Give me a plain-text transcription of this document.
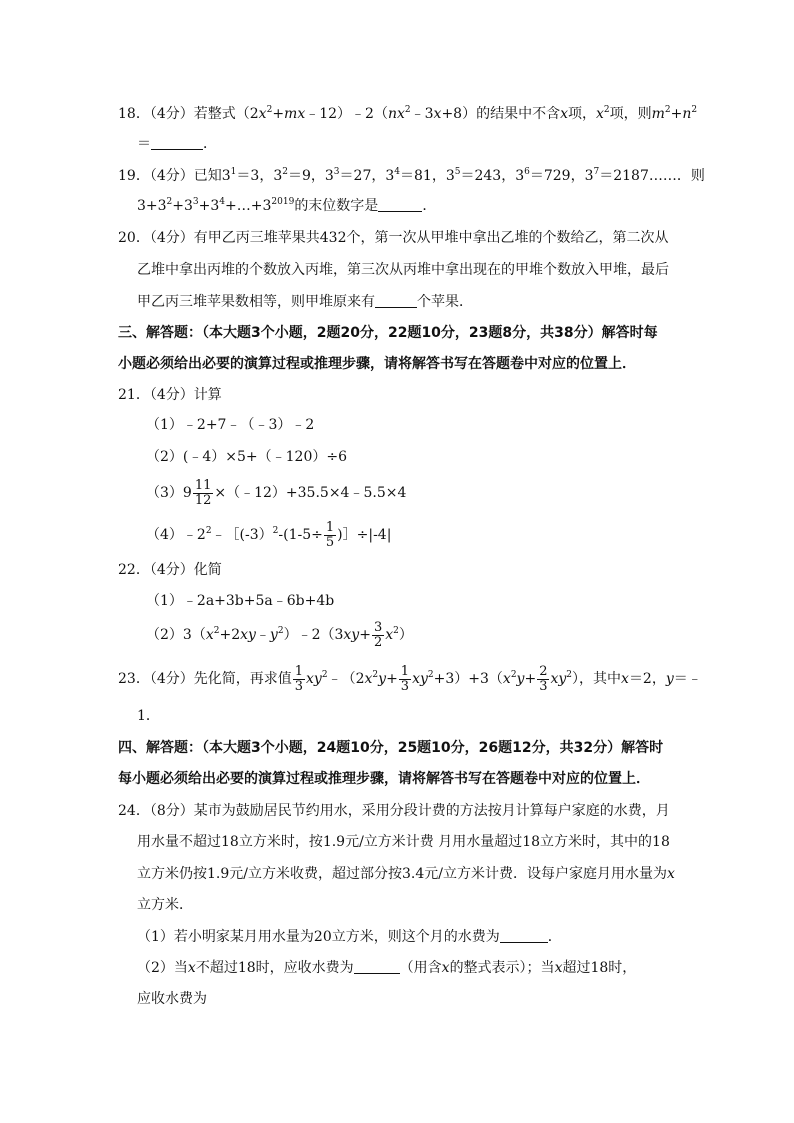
18．（4分）若整式$(2x^2+mx﹣12)﹣2(nx^2﹣3x+8)$的结果中不含x项，$x^2$项，则$m^2+n^2$
＝	．
19．（4分）已知$3^1=3$，$3^2=9$，$3^3=27$，$3^4=81$，$3^5=243$，$3^6=729$，$3^7=2187\dots\dots$．则
$3+3^2+3^3+3^4+\dots+3^{2019}$的末位数字是	．
20．（4分）有甲乙丙三堆苹果共432个，第一次从甲堆中拿出乙堆的个数给乙，第二次从
乙堆中拿出丙堆的个数放入丙堆，第三次从丙堆中拿出现在的甲堆个数放入甲堆，最后
甲乙丙三堆苹果数相等，则甲堆原来有	个苹果．
三、解答题：（本大题3个小题，2题20分，22题10分，23题8分，共38分）解答时每
小题必须给出必要的演算过程或推理步骤，请将解答书写在答题卷中对应的位置上．
21．（4分）计算
（1）﹣2+7﹣（﹣3）﹣2
（2）(﹣4）×5+（﹣120）÷6
$(3)9 \frac{11}{12}$ ×（﹣12）+35.5×4﹣5.5×4
$(4)﹣2^2﹣[(-3)^2-(1-5\div \frac{1}{5}$ )］÷|-4|
22．（4分）化简
（1）﹣2a+3b+5a﹣6b+4b
$(2)3(x^2+2xy﹣y^2)﹣2(3xy+ \frac{3}{2} x^2)$
23．（4分）先化简，再求值 $\frac{1}{3}$ $xy^2﹣(2x^2y+ \frac{1}{3} xy^2+3)+3(x^2y+ \frac{2}{3} xy^2)$，其中x＝2，y＝﹣
1．
四、解答题：（本大题3个小题，24题10分，25题10分，26题12分，共32分）解答时
每小题必须给出必要的演算过程或推理步骤，请将解答书写在答题卷中对应的位置上．
24．（8分）某市为鼓励居民节约用水，采用分段计费的方法按月计算每户家庭的水费，月
用水量不超过18立方米时，按1.9元/立方米计费 月用水量超过18立方米时，其中的18
立方米仍按1.9元/立方米收费，超过部分按3.4元/立方米计费．设每户家庭月用水量为x
立方米．
（1）若小明家某月用水量为20立方米，则这个月的水费为	．
（2）当x不超过18时，应收水费为	（用含x的整式表示）；当x超过18时，
应收水费为
